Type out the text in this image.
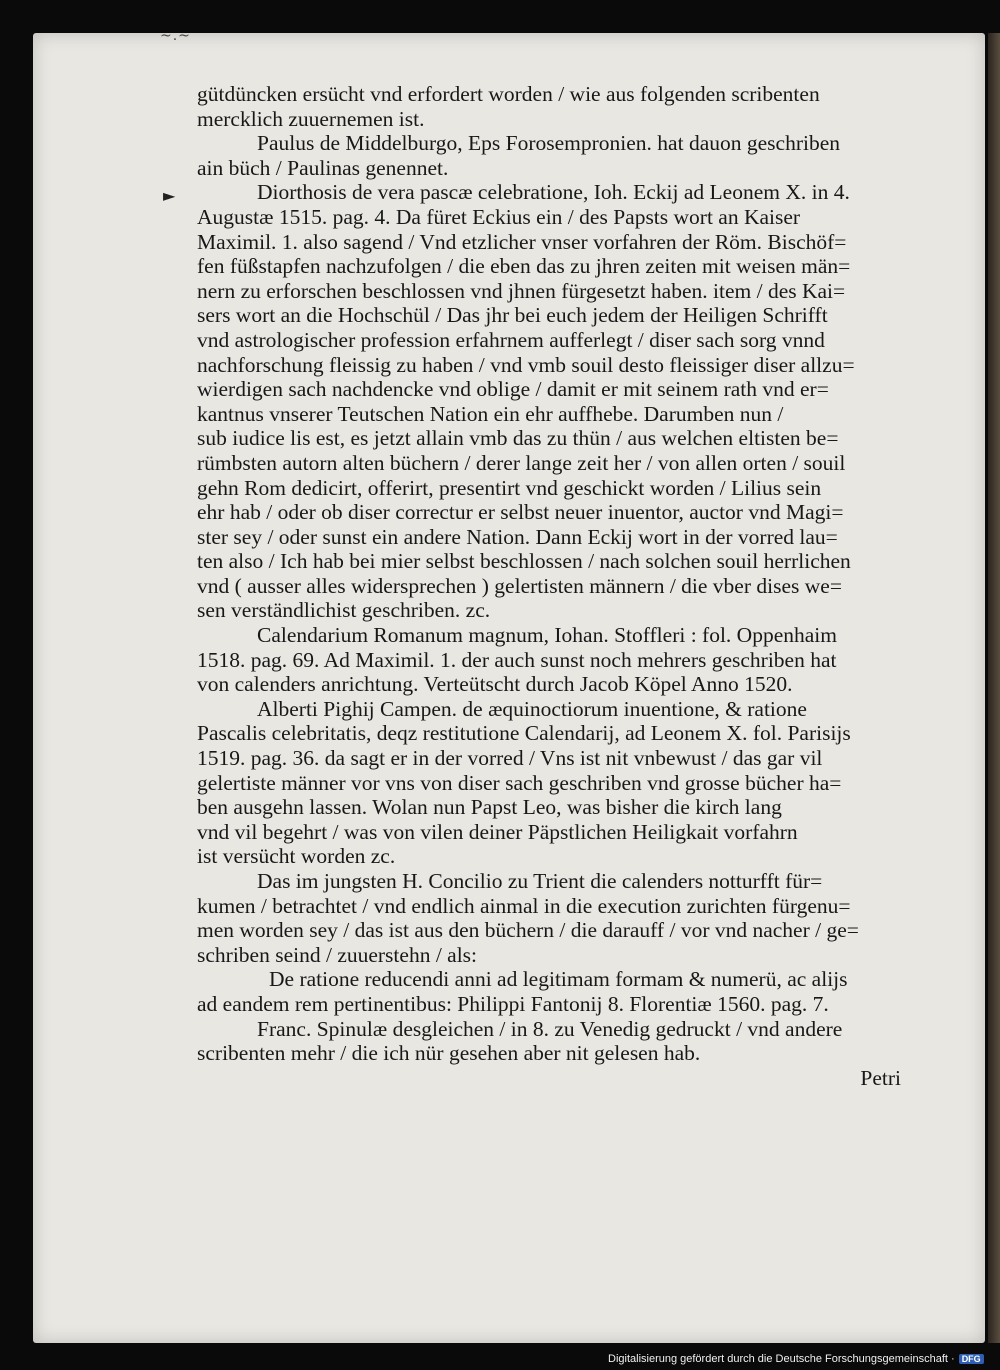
~.~
►
gütdüncken ersücht vnd erfordert worden / wie aus folgenden scribenten
mercklich zuuernemen ist.
Paulus de Middelburgo, Eps Forosempronien. hat dauon geschriben
ain büch / Paulinas genennet.
Diorthosis de vera pascæ celebratione, Ioh. Eckij ad Leonem X. in 4.
Augustæ 1515. pag. 4. Da füret Eckius ein / des Papsts wort an Kaiser
Maximil. 1. also sagend / Vnd etzlicher vnser vorfahren der Röm. Bischöf=
fen füßstapfen nachzufolgen / die eben das zu jhren zeiten mit weisen män=
nern zu erforschen beschlossen vnd jhnen fürgesetzt haben. item / des Kai=
sers wort an die Hochschül / Das jhr bei euch jedem der Heiligen Schrifft
vnd astrologischer profession erfahrnem aufferlegt / diser sach sorg vnnd
nachforschung fleissig zu haben / vnd vmb souil desto fleissiger diser allzu=
wierdigen sach nachdencke vnd oblige / damit er mit seinem rath vnd er=
kantnus vnserer Teutschen Nation ein ehr auffhebe. Darumben nun /
sub iudice lis est, es jetzt allain vmb das zu thün / aus welchen eltisten be=
rümbsten autorn alten büchern / derer lange zeit her / von allen orten / souil
gehn Rom dedicirt, offerirt, presentirt vnd geschickt worden / Lilius sein
ehr hab / oder ob diser correctur er selbst neuer inuentor, auctor vnd Magi=
ster sey / oder sunst ein andere Nation. Dann Eckij wort in der vorred lau=
ten also / Ich hab bei mier selbst beschlossen / nach solchen souil herrlichen
vnd ( ausser alles widersprechen ) gelertisten männern / die vber dises we=
sen verständlichist geschriben. zc.
Calendarium Romanum magnum, Iohan. Stoffleri : fol. Oppenhaim
1518. pag. 69. Ad Maximil. 1. der auch sunst noch mehrers geschriben hat
von calenders anrichtung. Verteütscht durch Jacob Köpel Anno 1520.
Alberti Pighij Campen. de æquinoctiorum inuentione, & ratione
Pascalis celebritatis, deqz restitutione Calendarij, ad Leonem X. fol. Parisijs
1519. pag. 36. da sagt er in der vorred / Vns ist nit vnbewust / das gar vil
gelertiste männer vor vns von diser sach geschriben vnd grosse bücher ha=
ben ausgehn lassen. Wolan nun Papst Leo, was bisher die kirch lang
vnd vil begehrt / was von vilen deiner Päpstlichen Heiligkait vorfahrn
ist versücht worden zc.
Das im jungsten H. Concilio zu Trient die calenders notturfft für=
kumen / betrachtet / vnd endlich ainmal in die execution zurichten fürgenu=
men worden sey / das ist aus den büchern / die darauff / vor vnd nacher / ge=
schriben seind / zuuerstehn / als:
De ratione reducendi anni ad legitimam formam & numerü, ac alijs
ad eandem rem pertinentibus: Philippi Fantonij 8. Florentiæ 1560. pag. 7.
Franc. Spinulæ desgleichen / in 8. zu Venedig gedruckt / vnd andere
scribenten mehr / die ich nür gesehen aber nit gelesen hab.
Petri
Digitalisierung gefördert durch die Deutsche Forschungsgemeinschaft · DFG
